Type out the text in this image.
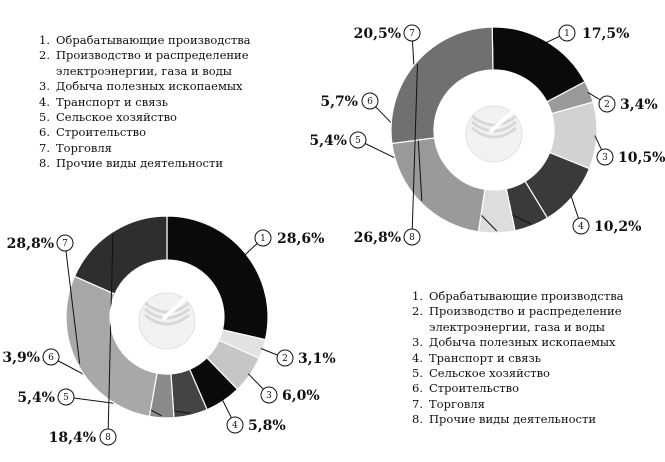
1. Обрабатывающие производства
2. Производство и распределение электроэнергии, газа и воды
3. Добыча полезных ископаемых
4. Транспорт и связь
5. Сельское хозяйство
6. Строительство
7. Торговля
8. Прочие виды деятельности
1. Обрабатывающие производства
2. Производство и распределение электроэнергии, газа и воды
3. Добыча полезных ископаемых
4. Транспорт и связь
5. Сельское хозяйство
6. Строительство
7. Торговля
8. Прочие виды деятельности
1 17,5%
2 3,4%
3 10,5%
4 10,2%
5
5,4%
6
5,7%
7
20,5%
8
26,8%
1 28,6%
2 3,1%
3 6,0%
4 5,8%
5
5,4%
6
3,9%
7
28,8%
8
18,4%
